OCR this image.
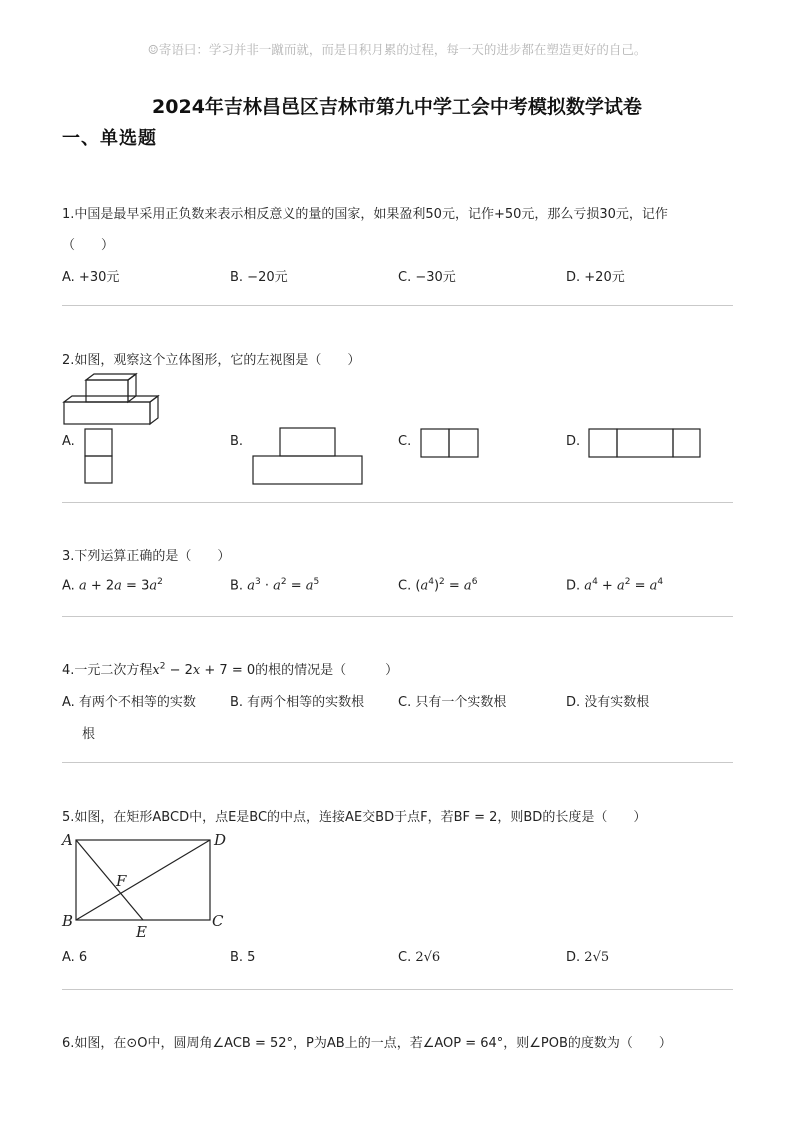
☺寄语曰：学习并非一蹴而就，而是日积月累的过程，每一天的进步都在塑造更好的自己。
2024年吉林昌邑区吉林市第九中学工会中考模拟数学试卷
一、单选题
1.中国是最早采用正负数来表示相反意义的量的国家，如果盈利50元，记作+50元，那么亏损30元，记作
（　　）
A. +30元	B. −20元	C. −30元	D. +20元
2.如图，观察这个立体图形，它的左视图是（　　）
A.	B.	C.	D.
3.下列运算正确的是（　　）
A. $a + 2a = 3a^2$	B. $a^3 \cdot a^2 = a^5$	C. $(a^4)^2 = a^6$	D. $a^4 + a^2 = a^4$
4.一元二次方程$x^2 - 2x + 7 = 0$的根的情况是（　　　）
A. 有两个不相等的实数
根
B. 有两个相等的实数根	C. 只有一个实数根	D. 没有实数根
5.如图，在矩形ABCD中，点E是BC的中点，连接AE交BD于点F，若BF = 2，则BD的长度是（　　）
A	D
F
B
E
C
A. 6	B. 5	C. 2√6	D. 2√5
6.如图，在⊙O中，圆周角∠ACB = 52°，P为AB上的一点，若∠AOP = 64°，则∠POB的度数为（　　）
